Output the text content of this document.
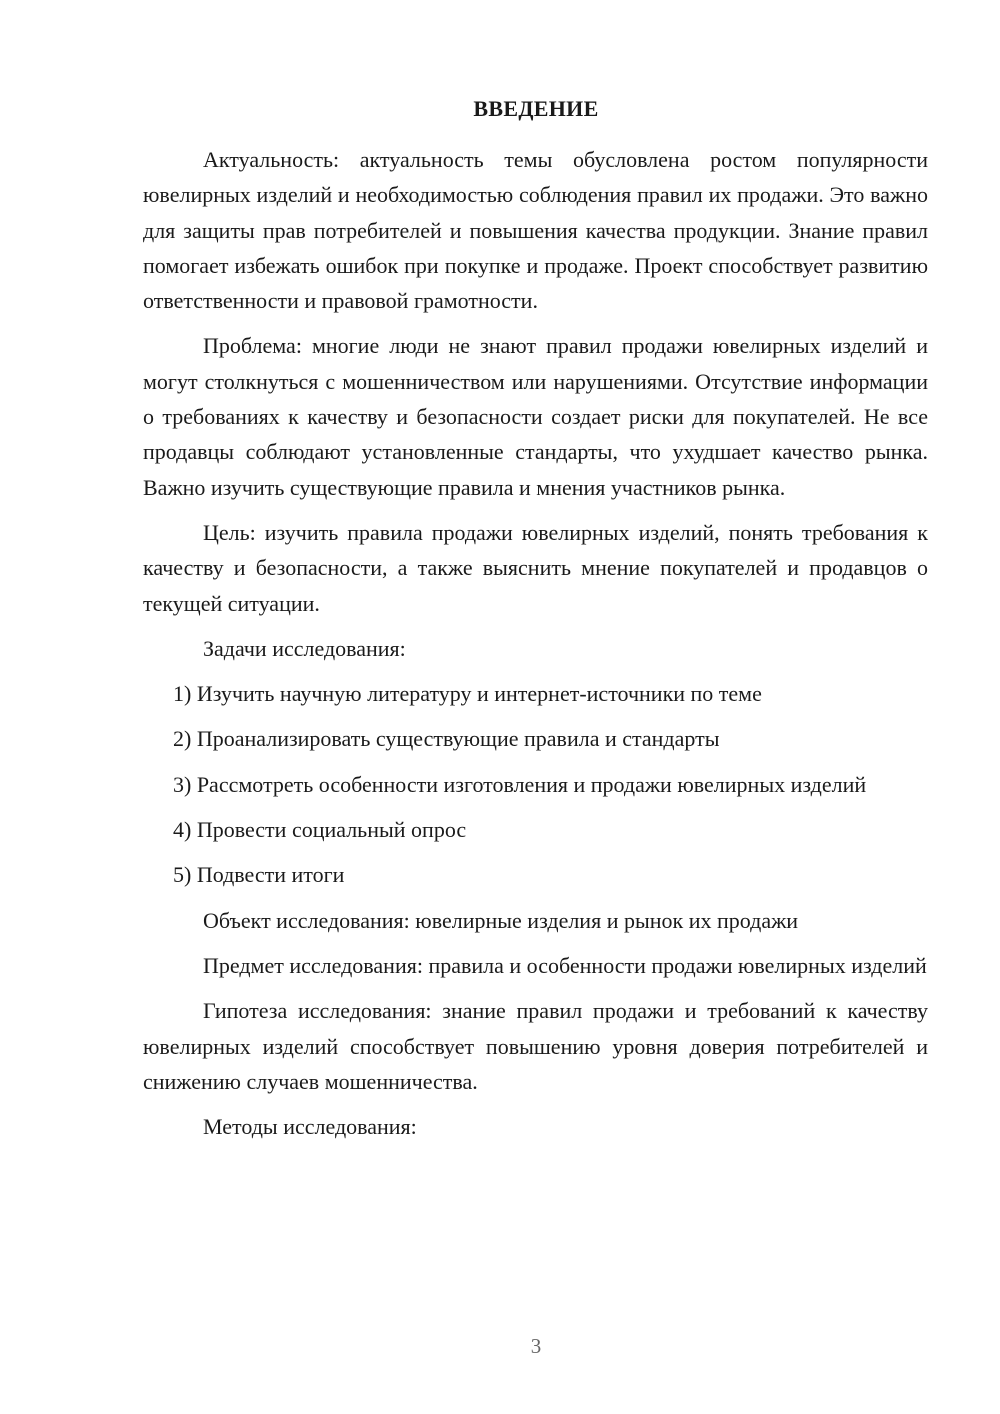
ВВЕДЕНИЕ

Актуальность: актуальность темы обусловлена ростом популярности ювелирных изделий и необходимостью соблюдения правил их продажи. Это важно для защиты прав потребителей и повышения качества продукции. Знание правил помогает избежать ошибок при покупке и продаже. Проект способствует развитию ответственности и правовой грамотности.

Проблема: многие люди не знают правил продажи ювелирных изделий и могут столкнуться с мошенничеством или нарушениями. Отсутствие информации о требованиях к качеству и безопасности создает риски для покупателей. Не все продавцы соблюдают установленные стандарты, что ухудшает качество рынка. Важно изучить существующие правила и мнения участников рынка.

Цель: изучить правила продажи ювелирных изделий, понять требования к качеству и безопасности, а также выяснить мнение покупателей и продавцов о текущей ситуации.

Задачи исследования:

1) Изучить научную литературу и интернет-источники по теме

2) Проанализировать существующие правила и стандарты

3) Рассмотреть особенности изготовления и продажи ювелирных изделий

4) Провести социальный опрос

5) Подвести итоги

Объект исследования: ювелирные изделия и рынок их продажи

Предмет исследования: правила и особенности продажи ювелирных изделий

Гипотеза исследования: знание правил продажи и требований к качеству ювелирных изделий способствует повышению уровня доверия потребителей и снижению случаев мошенничества.

Методы исследования:

3
